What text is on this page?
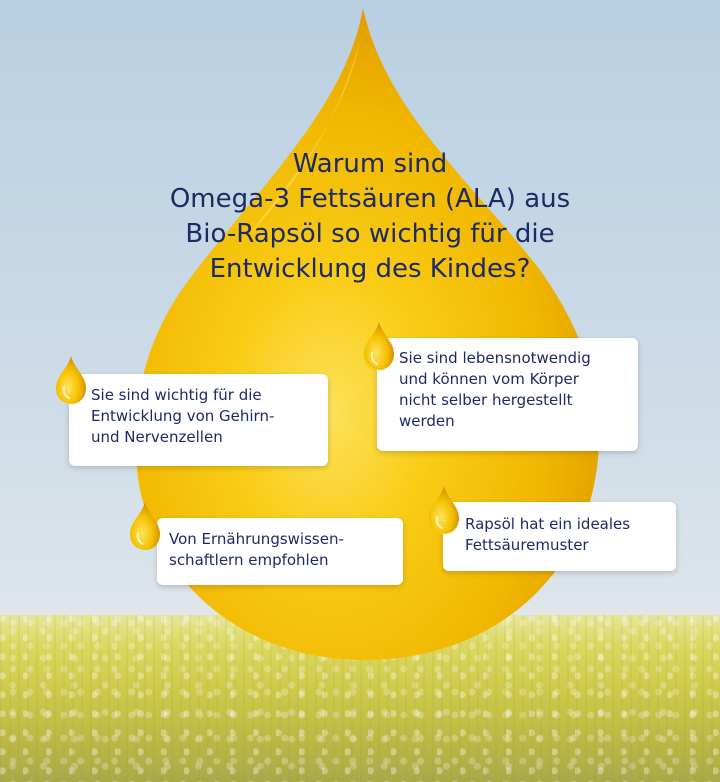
Warum sind
Omega-3 Fettsäuren (ALA) aus
Bio-Rapsöl so wichtig für die
Entwicklung des Kindes?
Sie sind wichtig für die
Entwicklung von Gehirn-
und Nervenzellen
Sie sind lebensnotwendig
und können vom Körper
nicht selber hergestellt
werden
Von Ernährungswissen-
schaftlern empfohlen
Rapsöl hat ein ideales
Fettsäuremuster
